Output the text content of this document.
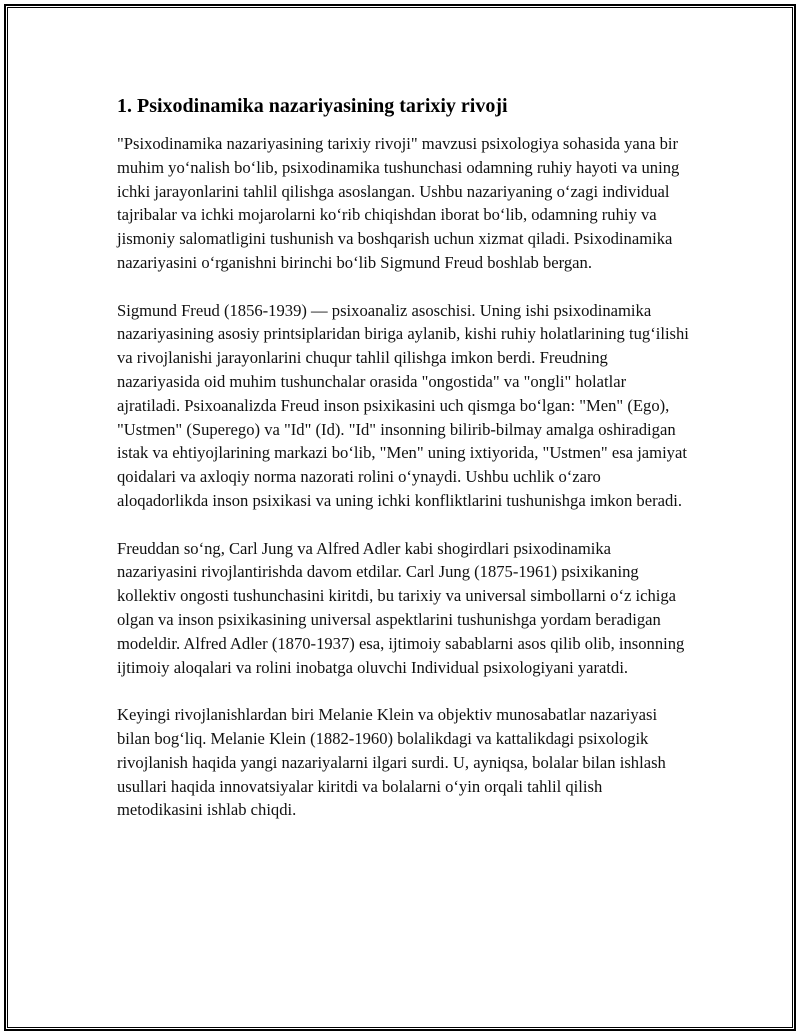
1. Psixodinamika nazariyasining tarixiy rivoji

"Psixodinamika nazariyasining tarixiy rivoji" mavzusi psixologiya sohasida yana bir muhim yo‘nalish bo‘lib, psixodinamika tushunchasi odamning ruhiy hayoti va uning ichki jarayonlarini tahlil qilishga asoslangan. Ushbu nazariyaning o‘zagi individual tajribalar va ichki mojarolarni ko‘rib chiqishdan iborat bo‘lib, odamning ruhiy va jismoniy salomatligini tushunish va boshqarish uchun xizmat qiladi. Psixodinamika nazariyasini o‘rganishni birinchi bo‘lib Sigmund Freud boshlab bergan.

Sigmund Freud (1856-1939) — psixoanaliz asoschisi. Uning ishi psixodinamika nazariyasining asosiy printsiplaridan biriga aylanib, kishi ruhiy holatlarining tug‘ilishi va rivojlanishi jarayonlarini chuqur tahlil qilishga imkon berdi. Freudning nazariyasida oid muhim tushunchalar orasida "ongostida" va "ongli" holatlar ajratiladi. Psixoanalizda Freud inson psixikasini uch qismga bo‘lgan: "Men" (Ego), "Ustmen" (Superego) va "Id" (Id). "Id" insonning bilirib-bilmay amalga oshiradigan istak va ehtiyojlarining markazi bo‘lib, "Men" uning ixtiyorida, "Ustmen" esa jamiyat qoidalari va axloqiy norma nazorati rolini o‘ynaydi. Ushbu uchlik o‘zaro aloqadorlikda inson psixikasi va uning ichki konfliktlarini tushunishga imkon beradi.

Freuddan so‘ng, Carl Jung va Alfred Adler kabi shogirdlari psixodinamika nazariyasini rivojlantirishda davom etdilar. Carl Jung (1875-1961) psixikaning kollektiv ongosti tushunchasini kiritdi, bu tarixiy va universal simbollarni o‘z ichiga olgan va inson psixikasining universal aspektlarini tushunishga yordam beradigan modeldir. Alfred Adler (1870-1937) esa, ijtimoiy sabablarni asos qilib olib, insonning ijtimoiy aloqalari va rolini inobatga oluvchi Individual psixologiyani yaratdi.

Keyingi rivojlanishlardan biri Melanie Klein va objektiv munosabatlar nazariyasi bilan bog‘liq. Melanie Klein (1882-1960) bolalikdagi va kattalikdagi psixologik rivojlanish haqida yangi nazariyalarni ilgari surdi. U, ayniqsa, bolalar bilan ishlash usullari haqida innovatsiyalar kiritdi va bolalarni o‘yin orqali tahlil qilish metodikasini ishlab chiqdi.
